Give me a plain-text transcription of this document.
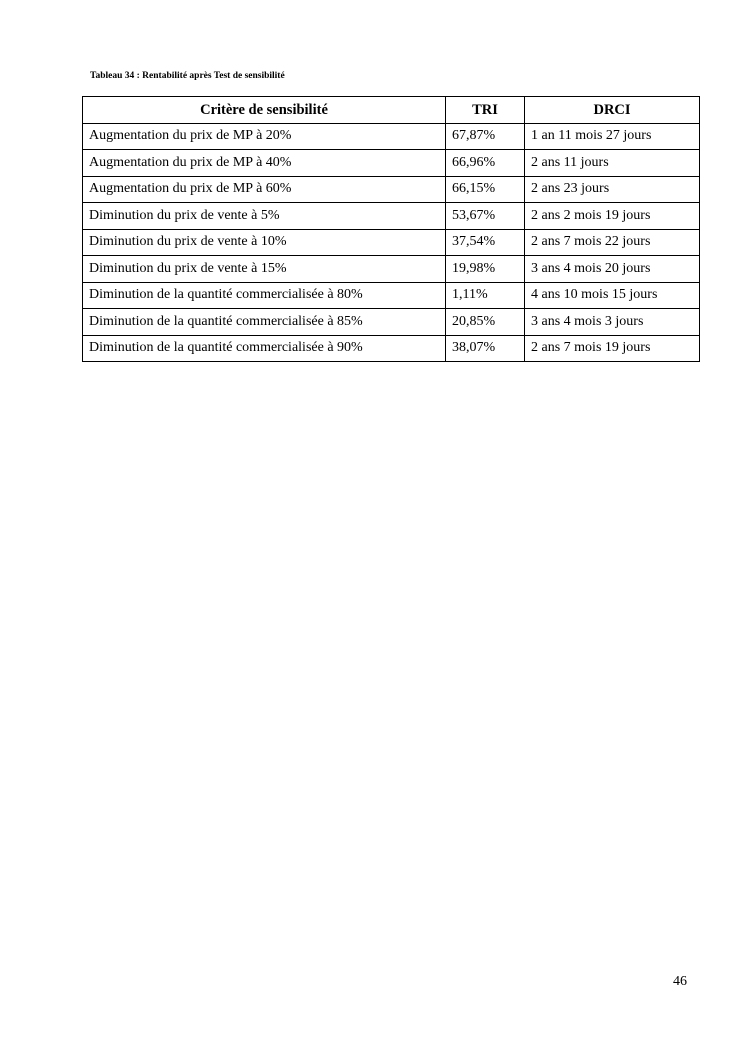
Tableau 34 : Rentabilité après Test de sensibilité
Critère de sensibilité	TRI	DRCI
Augmentation du prix de MP à 20%	67,87%	1 an 11 mois 27 jours
Augmentation du prix de MP à 40%	66,96%	2 ans 11 jours
Augmentation du prix de MP à 60%	66,15%	2 ans 23 jours
Diminution du prix de vente à 5%	53,67%	2 ans 2 mois 19 jours
Diminution du prix de vente à 10%	37,54%	2 ans 7 mois 22 jours
Diminution du prix de vente à 15%	19,98%	3 ans 4 mois 20 jours
Diminution de la quantité commercialisée à 80%	1,11%	4 ans 10 mois 15 jours
Diminution de la quantité commercialisée à 85%	20,85%	3 ans 4 mois 3 jours
Diminution de la quantité commercialisée à 90%	38,07%	2 ans 7 mois 19 jours
46
